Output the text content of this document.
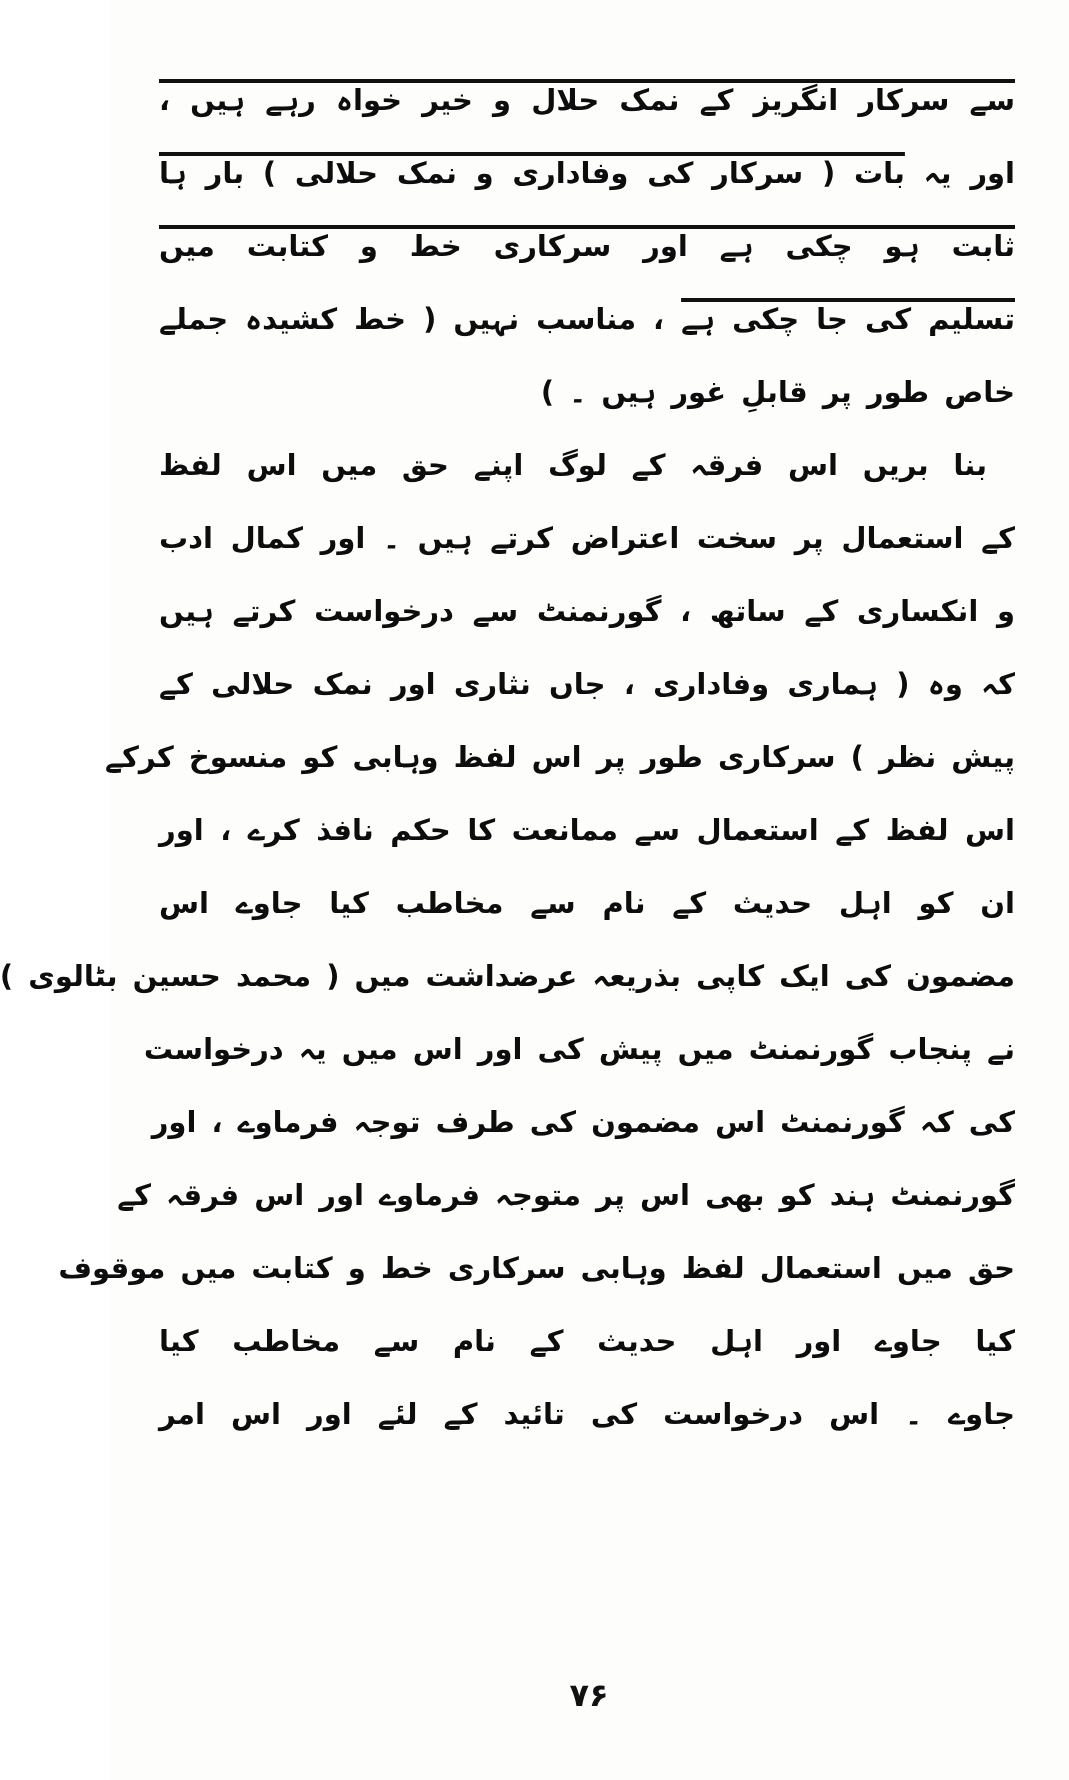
سے سرکار انگریز کے نمک حلال و خیر خواہ رہے ہیں ،
اور یہ بات ( سرکار کی وفاداری و نمک حلالی ) بار ہا
ثابت ہو چکی ہے اور سرکاری خط و کتابت میں
تسلیم کی جا چکی ہے ، مناسب نہیں ( خط کشیدہ جملے
خاص طور پر قابلِ غور ہیں ۔ )
بنا بریں اس فرقہ کے لوگ اپنے حق میں اس لفظ
کے استعمال پر سخت اعتراض کرتے ہیں ۔ اور کمال ادب
و انکساری کے ساتھ ، گورنمنٹ سے درخواست کرتے ہیں
کہ وہ ( ہماری وفاداری ، جاں نثاری اور نمک حلالی کے
پیش نظر ) سرکاری طور پر اس لفظ وہابی کو منسوخ کرکے
اس لفظ کے استعمال سے ممانعت کا حکم نافذ کرے ، اور
ان کو اہل حدیث کے نام سے مخاطب کیا جاوے اس
مضمون کی ایک کاپی بذریعہ عرضداشت میں ( محمد حسین بٹالوی )
نے پنجاب گورنمنٹ میں پیش کی اور اس میں یہ درخواست
کی کہ گورنمنٹ اس مضمون کی طرف توجہ فرماوے ، اور
گورنمنٹ ہند کو بھی اس پر متوجہ فرماوے اور اس فرقہ کے
حق میں استعمال لفظ وہابی سرکاری خط و کتابت میں موقوف
کیا جاوے اور اہل حدیث کے نام سے مخاطب کیا
جاوے ۔ اس درخواست کی تائید کے لئے اور اس امر
۷۶
